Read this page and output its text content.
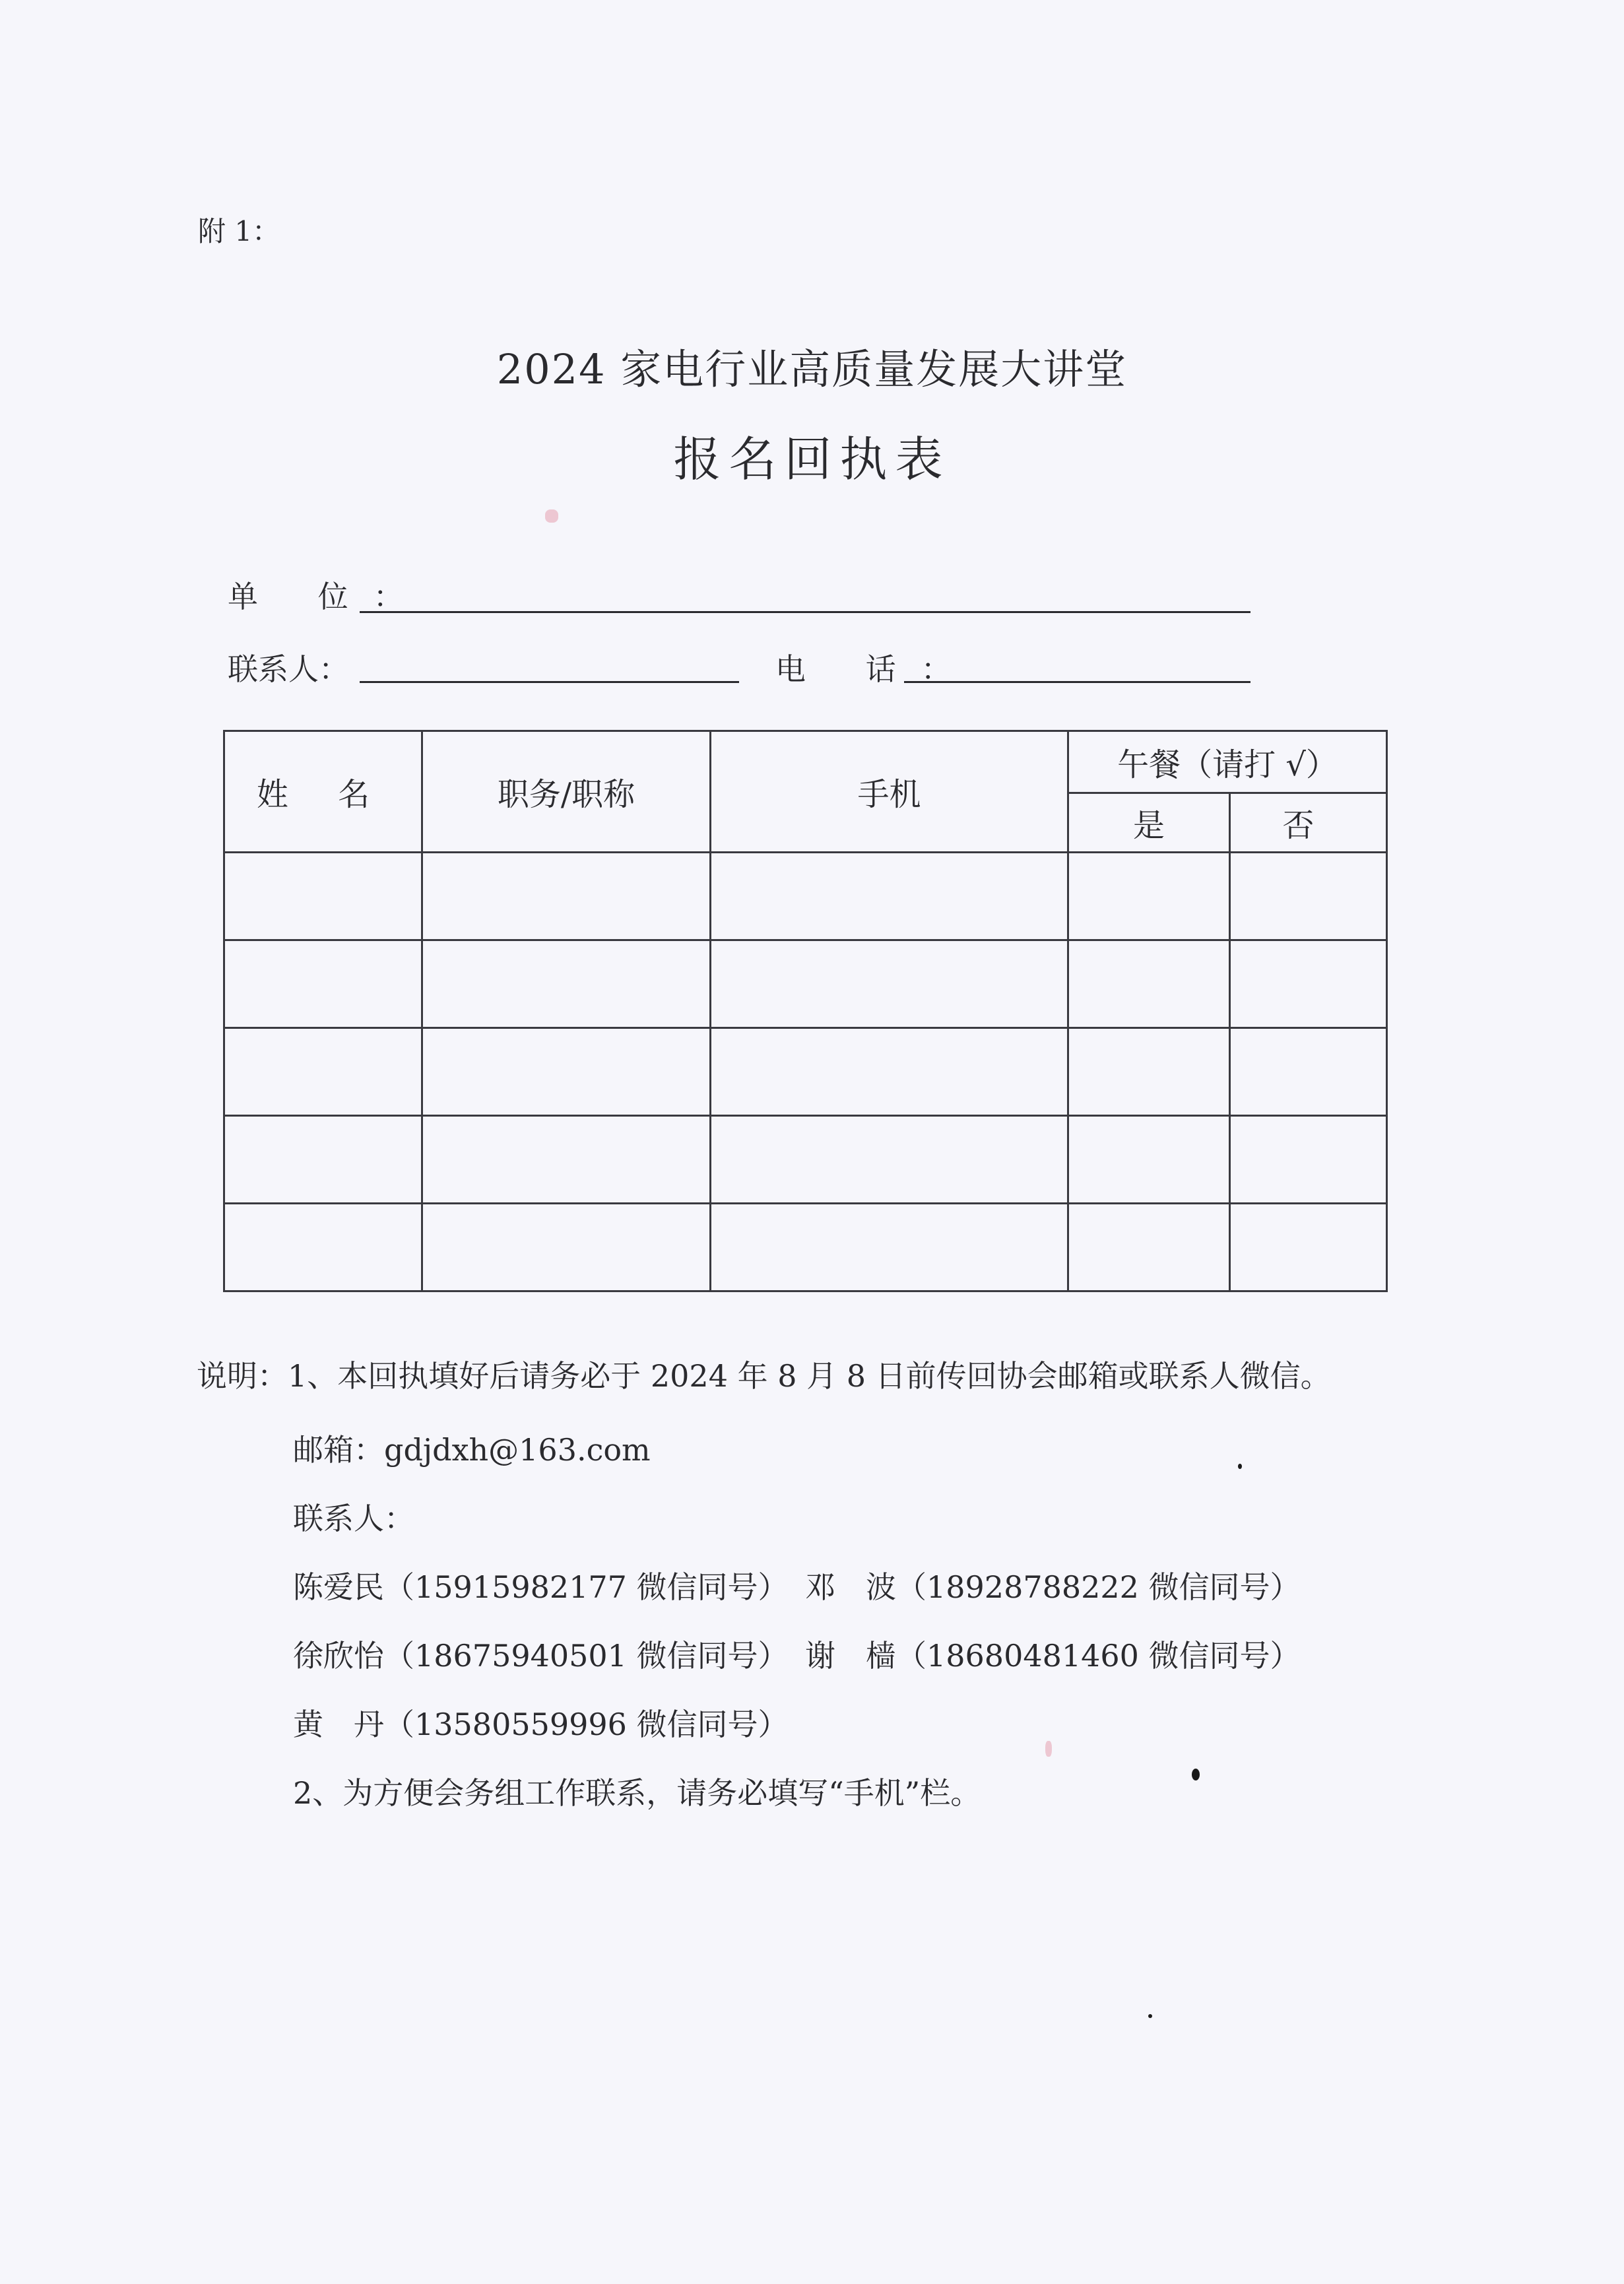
附 1：
2024 家电行业高质量发展大讲堂
报名回执表
单 位：
联系人：	电 话：
姓 名	职务/职称	手机	午餐（请打 √）	
			是	否

说明：1、本回执填好后请务必于 2024 年 8 月 8 日前传回协会邮箱或联系人微信。
邮箱：gdjdxh@163.com
联系人：
陈爱民（15915982177 微信同号） 邓　波（18928788222 微信同号）
徐欣怡（18675940501 微信同号） 谢　樯（18680481460 微信同号）
黄　丹（13580559996 微信同号）
2、为方便会务组工作联系，请务必填写“手机”栏。
